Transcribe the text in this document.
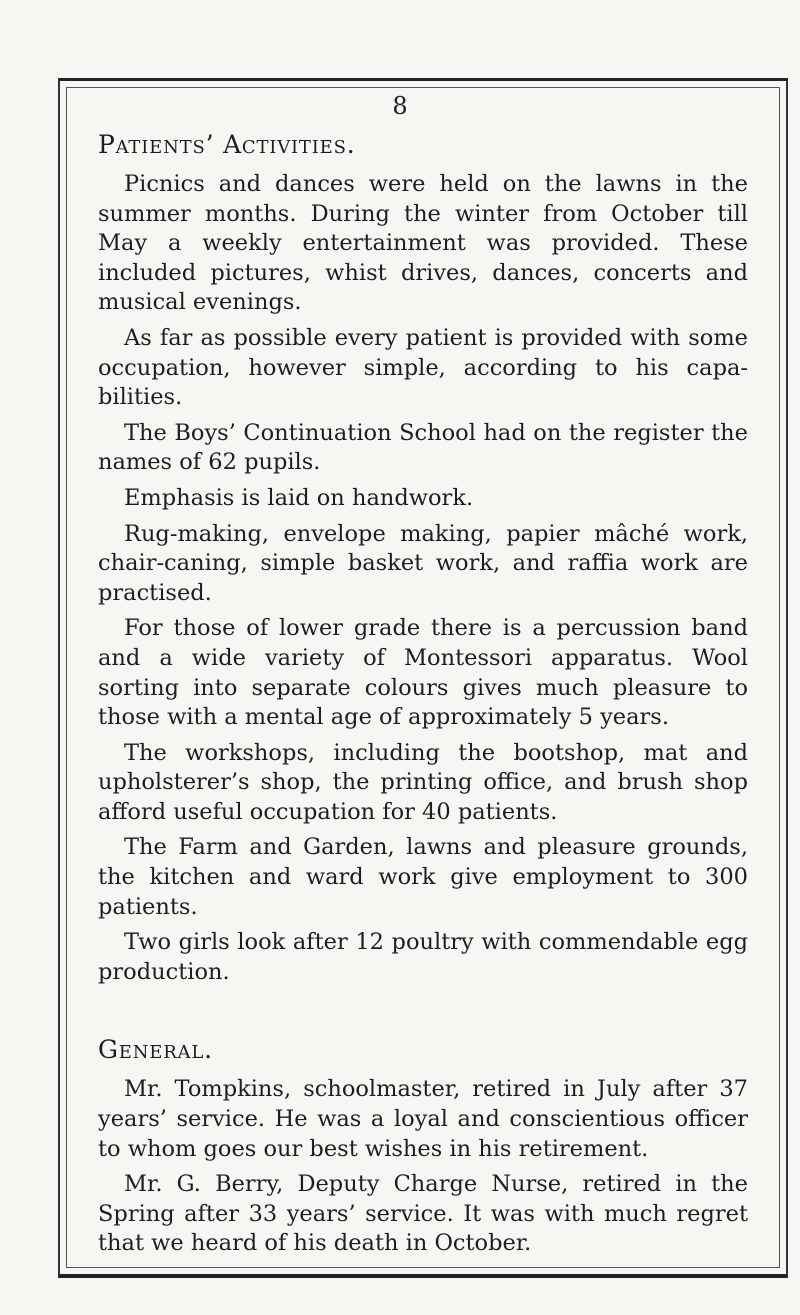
8
Patients’ Activities.

Picnics and dances were held on the lawns in the summer months. During the winter from October till May a weekly entertainment was provided. These included pictures, whist drives, dances, concerts and musical evenings.

As far as possible every patient is provided with some occupation, however simple, according to his capa- bilities.

The Boys’ Continuation School had on the register the names of 62 pupils.

Emphasis is laid on handwork.

Rug-making, envelope making, papier mâché work, chair-caning, simple basket work, and raffia work are practised.

For those of lower grade there is a percussion band and a wide variety of Montessori apparatus. Wool sorting into separate colours gives much pleasure to those with a mental age of approximately 5 years.

The workshops, including the bootshop, mat and upholsterer’s shop, the printing office, and brush shop afford useful occupation for 40 patients.

The Farm and Garden, lawns and pleasure grounds, the kitchen and ward work give employment to 300 patients.

Two girls look after 12 poultry with commendable egg production.

General.

Mr. Tompkins, schoolmaster, retired in July after 37 years’ service. He was a loyal and conscientious officer to whom goes our best wishes in his retirement.

Mr. G. Berry, Deputy Charge Nurse, retired in the Spring after 33 years’ service. It was with much regret that we heard of his death in October.
